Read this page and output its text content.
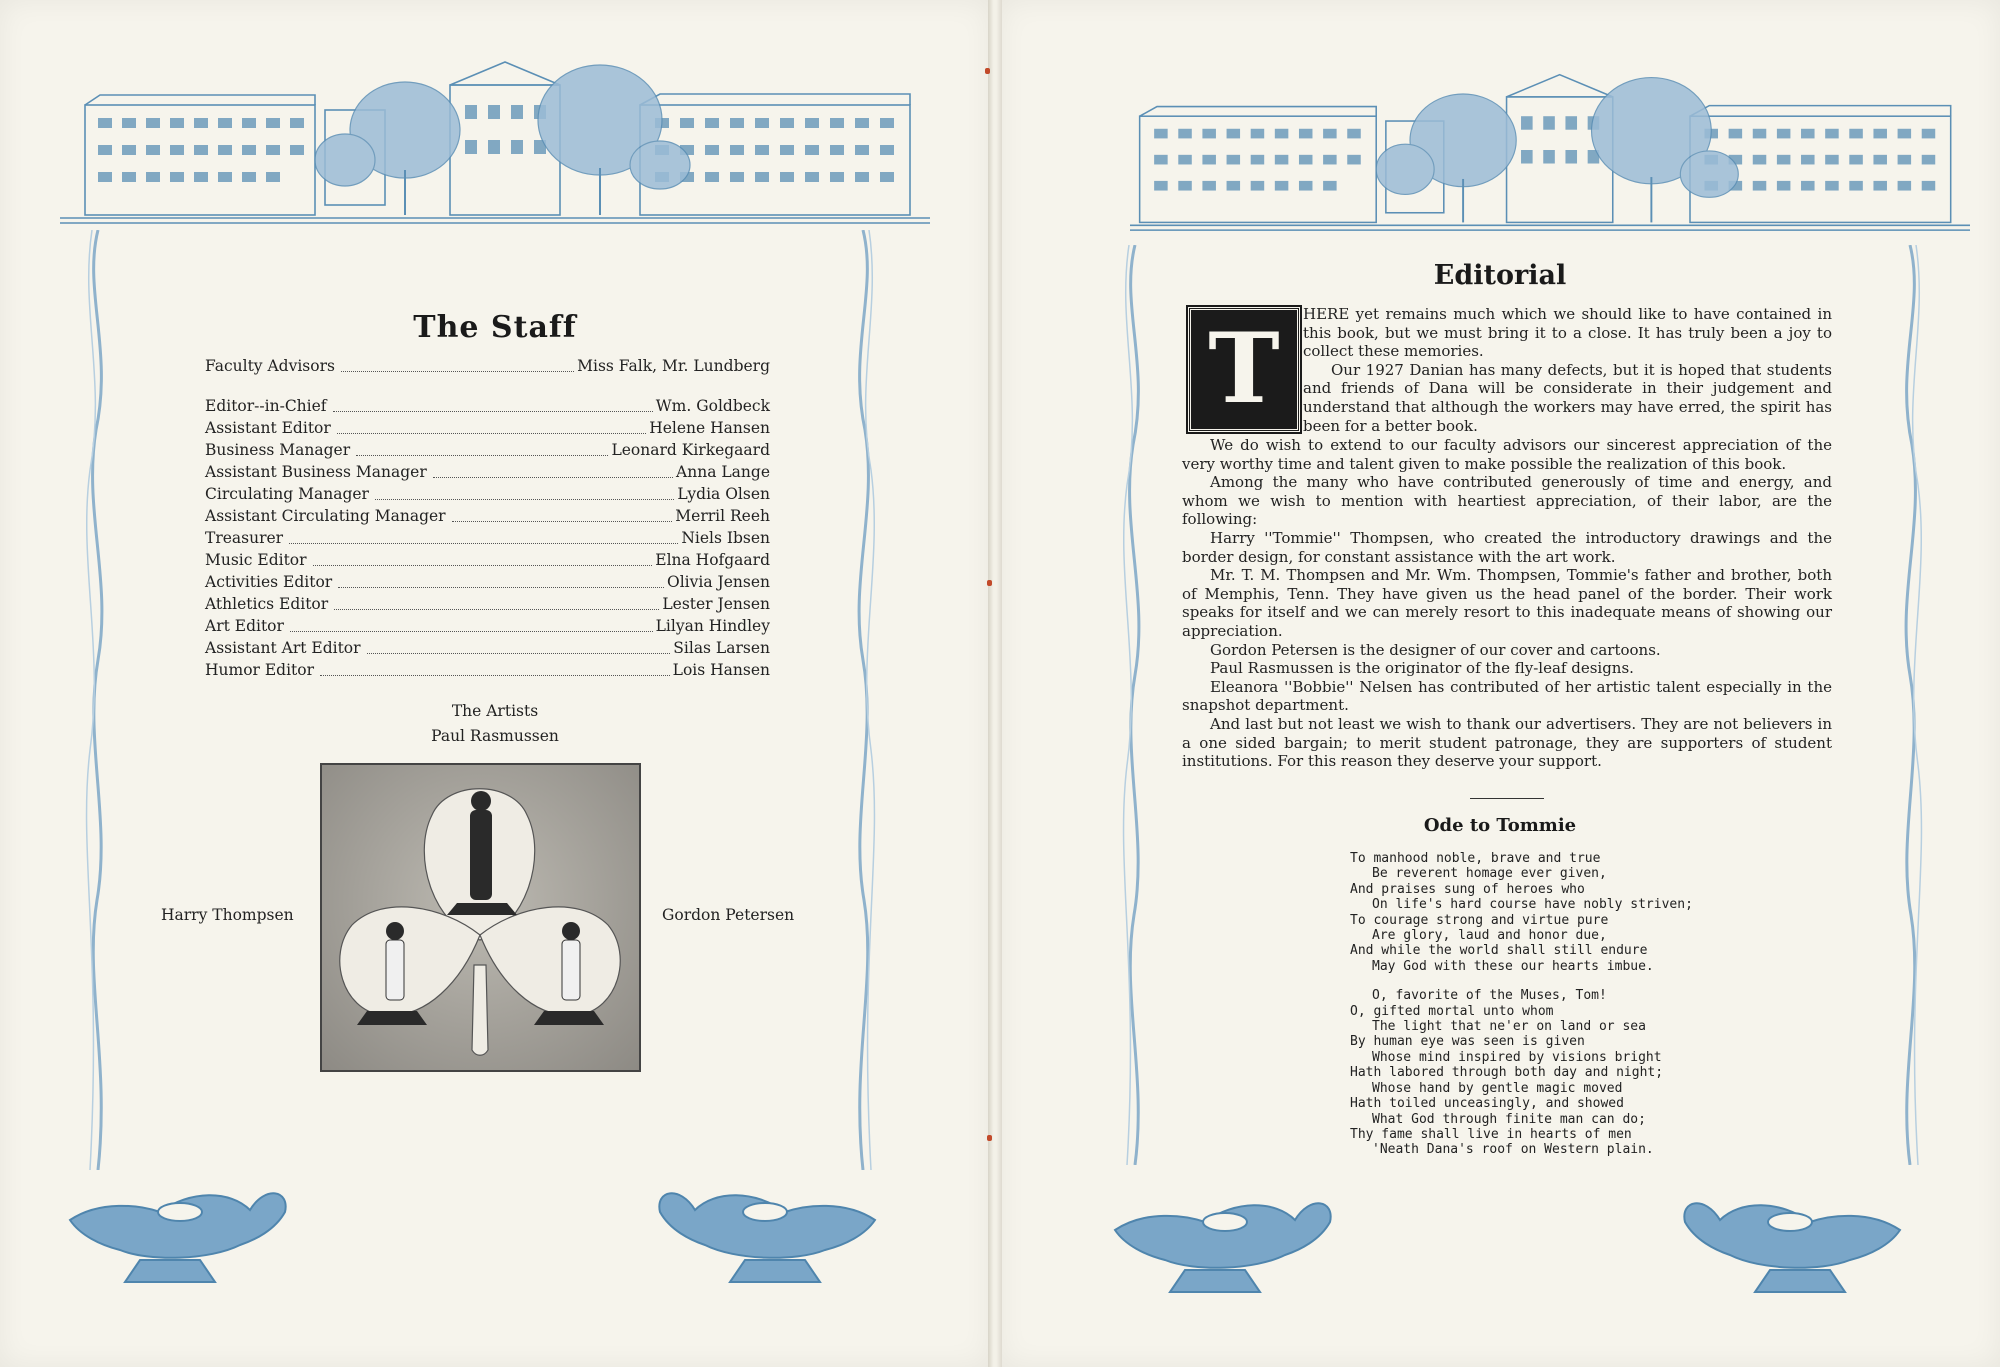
The Staff
Faculty Advisors	Miss Falk, Mr. Lundberg
Editor--in-Chief	Wm. Goldbeck
Assistant Editor	Helene Hansen
Business Manager	Leonard Kirkegaard
Assistant Business Manager	Anna Lange
Circulating Manager	Lydia Olsen
Assistant Circulating Manager	Merril Reeh
Treasurer	Niels Ibsen
Music Editor	Elna Hofgaard
Activities Editor	Olivia Jensen
Athletics Editor	Lester Jensen
Art Editor	Lilyan Hindley
Assistant Art Editor	Silas Larsen
Humor Editor	Lois Hansen
The Artists
Paul Rasmussen
Harry Thompsen	Gordon Petersen
Editorial
T	HERE yet remains much which we should like to have contained in this book, but we must bring it to a close. It has truly been a joy to collect these memories.

Our 1927 Danian has many defects, but it is hoped that students and friends of Dana will be considerate in their judgement and understand that although the workers may have erred, the spirit has been for a better book.

We do wish to extend to our faculty advisors our sincerest appreciation of the very worthy time and talent given to make possible the realization of this book.

Among the many who have contributed generously of time and energy, and whom we wish to mention with heartiest appreciation, of their labor, are the following:

Harry ''Tommie'' Thompsen, who created the introductory drawings and the border design, for constant assistance with the art work.

Mr. T. M. Thompsen and Mr. Wm. Thompsen, Tommie's father and brother, both of Memphis, Tenn. They have given us the head panel of the border. Their work speaks for itself and we can merely resort to this inadequate means of showing our appreciation.

Gordon Petersen is the designer of our cover and cartoons.

Paul Rasmussen is the originator of the fly-leaf designs.

Eleanora ''Bobbie'' Nelsen has contributed of her artistic talent especially in the snapshot department.

And last but not least we wish to thank our advertisers. They are not believers in a one sided bargain; to merit student patronage, they are supporters of student institutions. For this reason they deserve your support.

Ode to Tommie
To manhood noble, brave and true
Be reverent homage ever given,
And praises sung of heroes who
On life's hard course have nobly striven;
To courage strong and virtue pure
Are glory, laud and honor due,
And while the world shall still endure
May God with these our hearts imbue.
O, favorite of the Muses, Tom!
O, gifted mortal unto whom
The light that ne'er on land or sea
By human eye was seen is given
Whose mind inspired by visions bright
Hath labored through both day and night;
Whose hand by gentle magic moved
Hath toiled unceasingly, and showed
What God through finite man can do;
Thy fame shall live in hearts of men
'Neath Dana's roof on Western plain.
